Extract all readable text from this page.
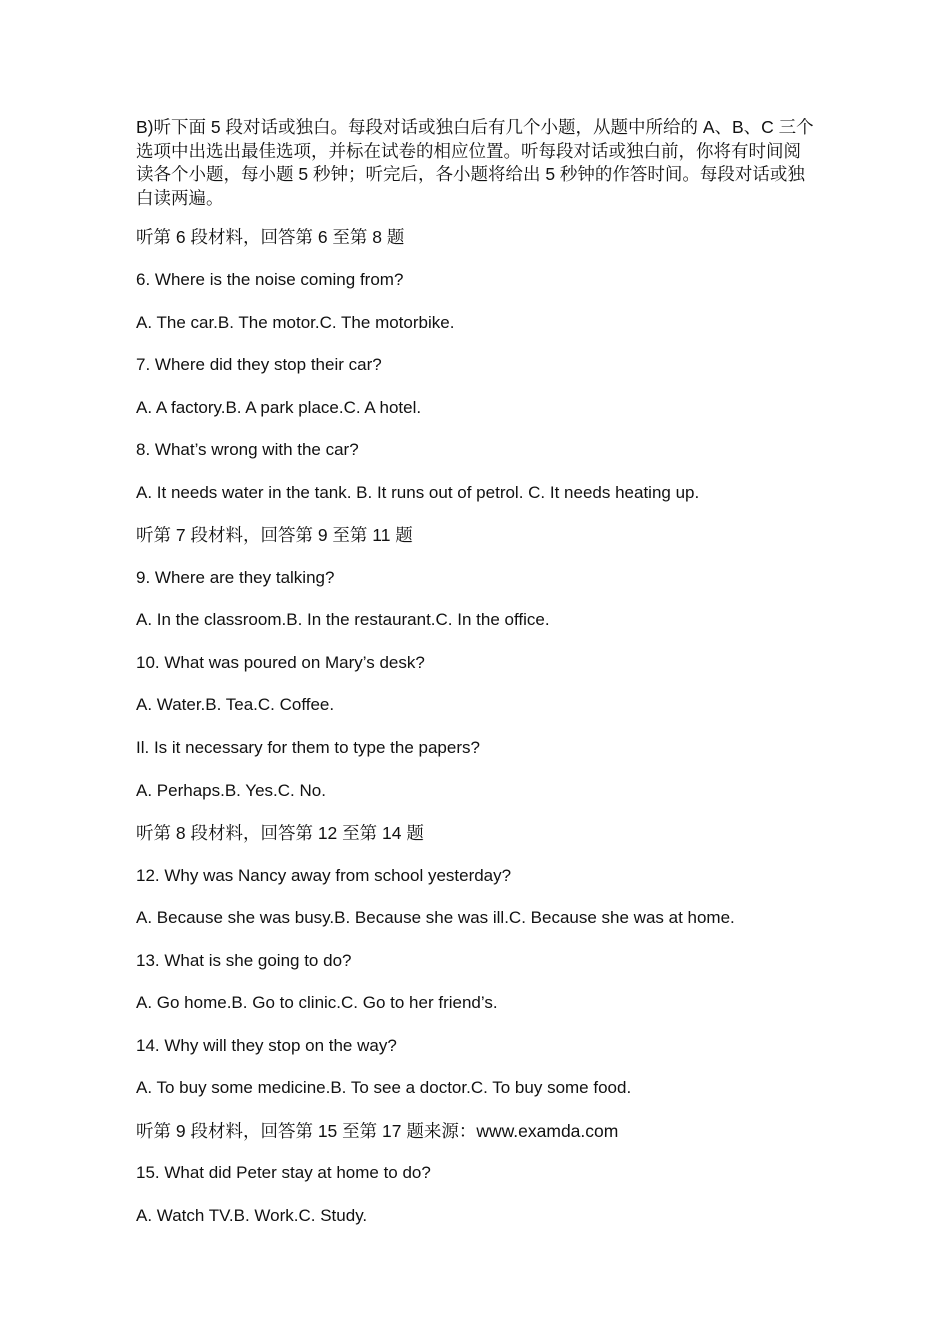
B)听下面 5 段对话或独白。每段对话或独白后有几个小题，从题中所给的 A、B、C 三个选项中出选出最佳选项，并标在试卷的相应位置。听每段对话或独白前，你将有时间阅读各个小题，每小题 5 秒钟；听完后，各小题将给出 5 秒钟的作答时间。每段对话或独白读两遍。

听第 6 段材料，回答第 6 至第 8 题

6. Where is the noise coming from?

A. The car.B. The motor.C. The motorbike.

7. Where did they stop their car?

A. A factory.B. A park place.C. A hotel.

8. What’s wrong with the car?

A. It needs water in the tank. B. It runs out of petrol. C. It needs heating up.

听第 7 段材料，回答第 9 至第 11 题

9. Where are they talking?

A. In the classroom.B. In the restaurant.C. In the office.

10. What was poured on Mary’s desk?

A. Water.B. Tea.C. Coffee.

Il. Is it necessary for them to type the papers?

A. Perhaps.B. Yes.C. No.

听第 8 段材料，回答第 12 至第 14 题

12. Why was Nancy away from school yesterday?

A. Because she was busy.B. Because she was ill.C. Because she was at home.

13. What is she going to do?

A. Go home.B. Go to clinic.C. Go to her friend’s.

14. Why will they stop on the way?

A. To buy some medicine.B. To see a doctor.C. To buy some food.

听第 9 段材料，回答第 15 至第 17 题来源：www.examda.com

15. What did Peter stay at home to do?

A. Watch TV.B. Work.C. Study.
